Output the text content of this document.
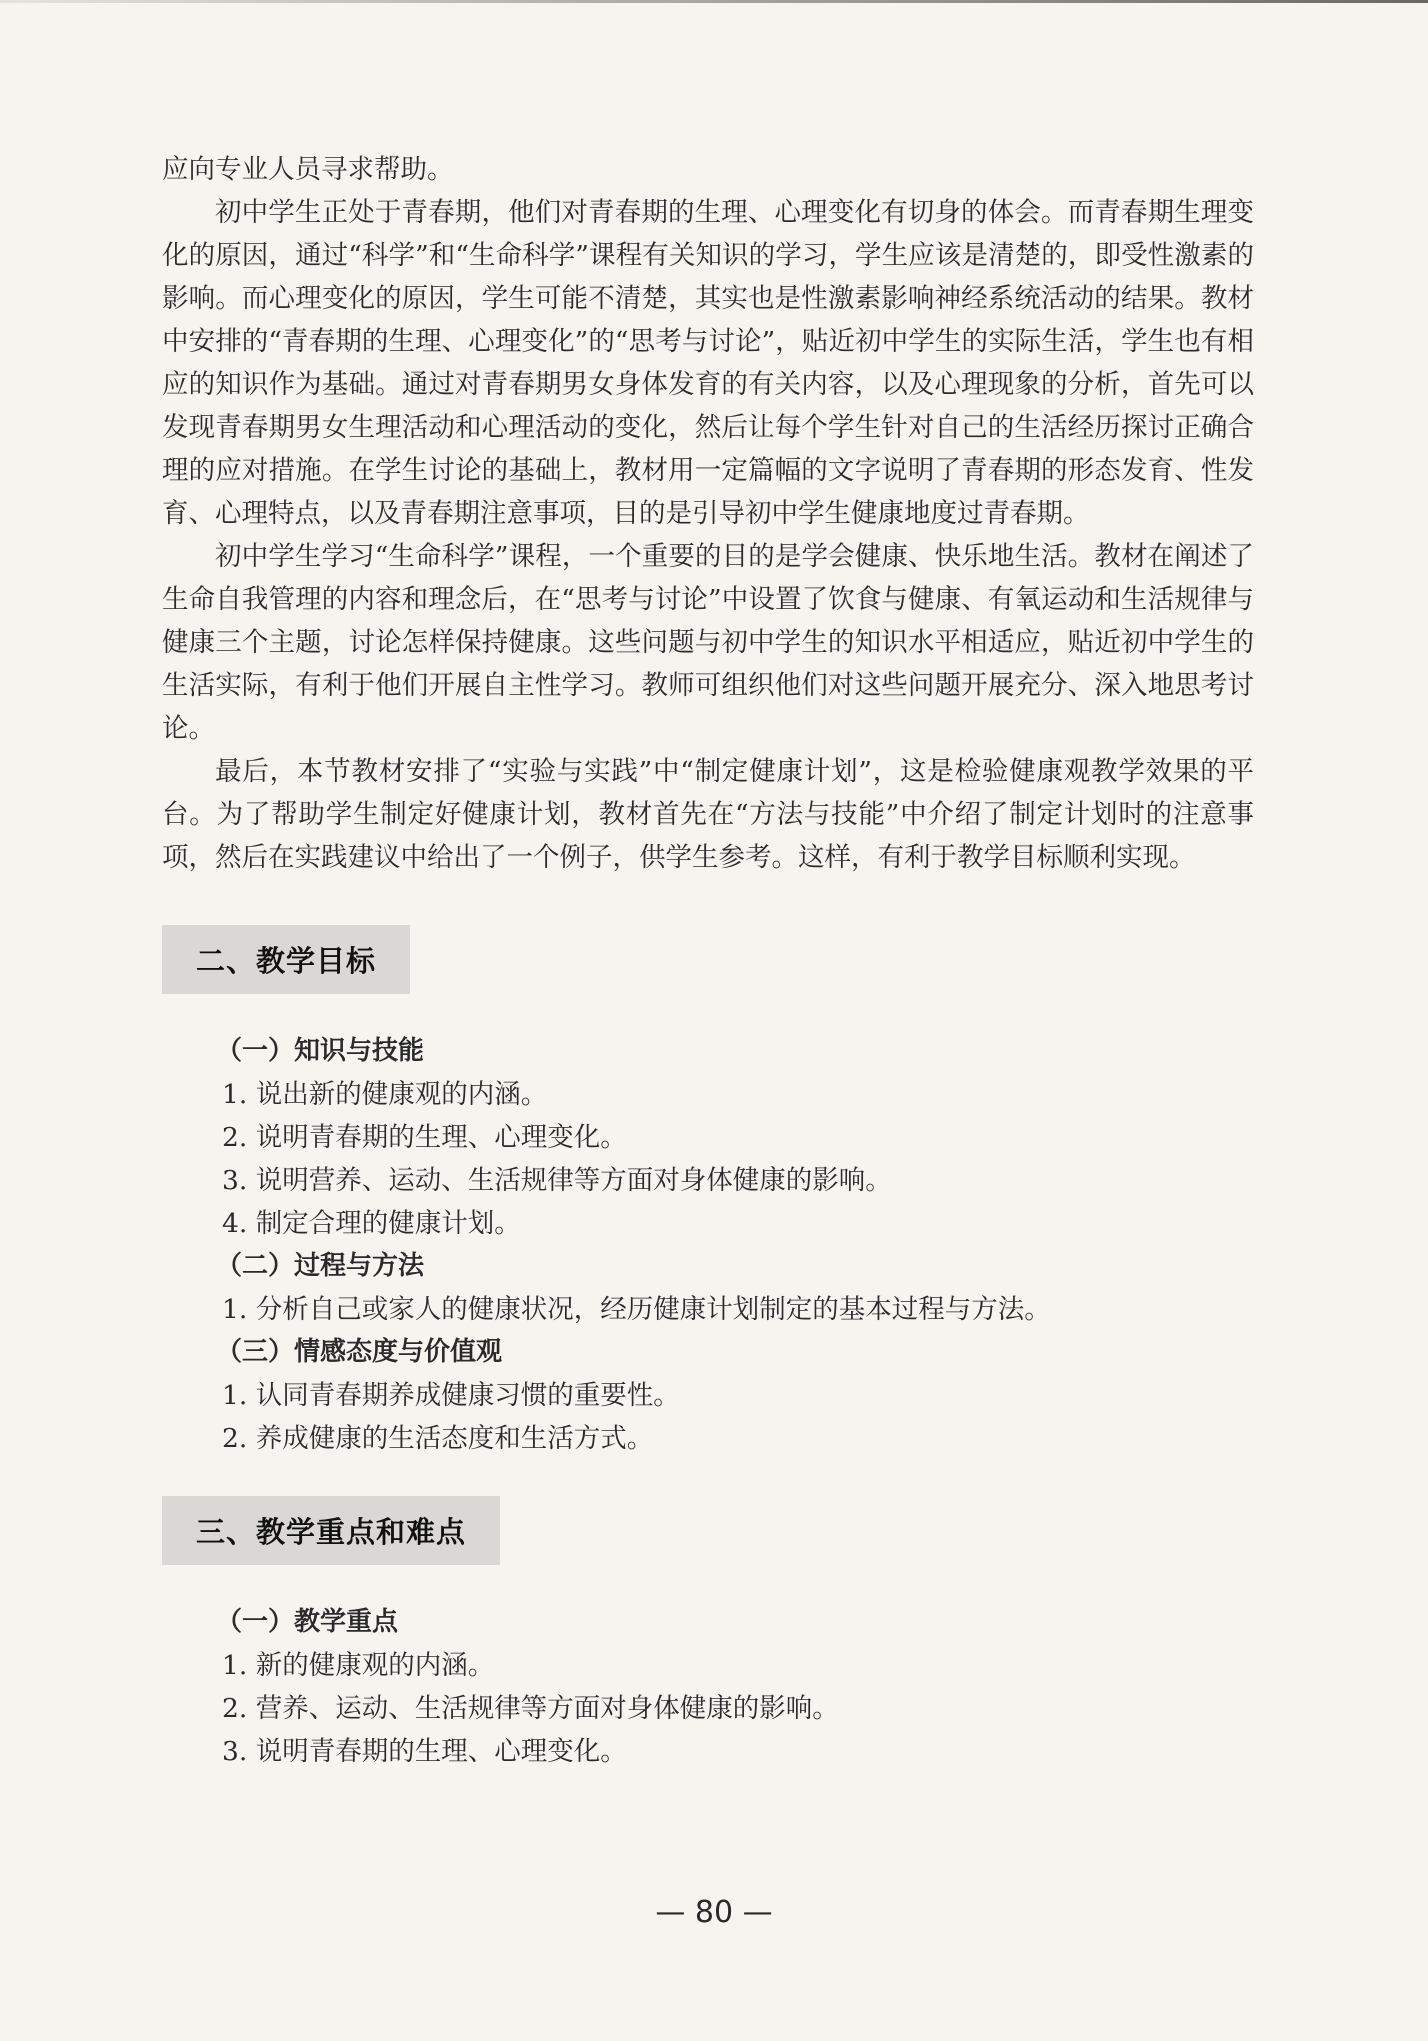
应向专业人员寻求帮助。

初中学生正处于青春期，他们对青春期的生理、心理变化有切身的体会。而青春期生理变化的原因，通过“科学”和“生命科学”课程有关知识的学习，学生应该是清楚的，即受性激素的影响。而心理变化的原因，学生可能不清楚，其实也是性激素影响神经系统活动的结果。教材中安排的“青春期的生理、心理变化”的“思考与讨论”，贴近初中学生的实际生活，学生也有相应的知识作为基础。通过对青春期男女身体发育的有关内容，以及心理现象的分析，首先可以发现青春期男女生理活动和心理活动的变化，然后让每个学生针对自己的生活经历探讨正确合理的应对措施。在学生讨论的基础上，教材用一定篇幅的文字说明了青春期的形态发育、性发育、心理特点，以及青春期注意事项，目的是引导初中学生健康地度过青春期。

初中学生学习“生命科学”课程，一个重要的目的是学会健康、快乐地生活。教材在阐述了生命自我管理的内容和理念后，在“思考与讨论”中设置了饮食与健康、有氧运动和生活规律与健康三个主题，讨论怎样保持健康。这些问题与初中学生的知识水平相适应，贴近初中学生的生活实际，有利于他们开展自主性学习。教师可组织他们对这些问题开展充分、深入地思考讨论。

最后，本节教材安排了“实验与实践”中“制定健康计划”，这是检验健康观教学效果的平台。为了帮助学生制定好健康计划，教材首先在“方法与技能”中介绍了制定计划时的注意事项，然后在实践建议中给出了一个例子，供学生参考。这样，有利于教学目标顺利实现。

二、教学目标
（一）知识与技能
1. 说出新的健康观的内涵。
2. 说明青春期的生理、心理变化。
3. 说明营养、运动、生活规律等方面对身体健康的影响。
4. 制定合理的健康计划。
（二）过程与方法
1. 分析自己或家人的健康状况，经历健康计划制定的基本过程与方法。
（三）情感态度与价值观
1. 认同青春期养成健康习惯的重要性。
2. 养成健康的生活态度和生活方式。
三、教学重点和难点
（一）教学重点
1. 新的健康观的内涵。
2. 营养、运动、生活规律等方面对身体健康的影响。
3. 说明青春期的生理、心理变化。
— 80 —
